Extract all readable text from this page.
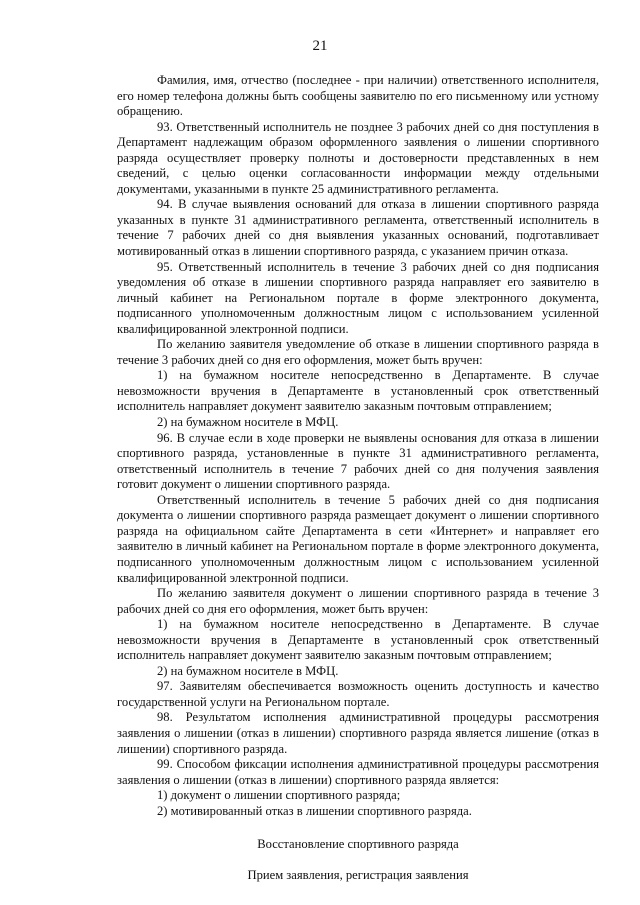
21

Фамилия, имя, отчество (последнее - при наличии) ответственного исполнителя, его номер телефона должны быть сообщены заявителю по его письменному или устному обращению.

93. Ответственный исполнитель не позднее 3 рабочих дней со дня поступления в Департамент надлежащим образом оформленного заявления о лишении спортивного разряда осуществляет проверку полноты и достоверности представленных в нем сведений, с целью оценки согласованности информации между отдельными документами, указанными в пункте 25 административного регламента.

94. В случае выявления оснований для отказа в лишении спортивного разряда указанных в пункте 31 административного регламента, ответственный исполнитель в течение 7 рабочих дней со дня выявления указанных оснований, подготавливает мотивированный отказ в лишении спортивного разряда, с указанием причин отказа.

95. Ответственный исполнитель в течение 3 рабочих дней со дня подписания уведомления об отказе в лишении спортивного разряда направляет его заявителю в личный кабинет на Региональном портале в форме электронного документа, подписанного уполномоченным должностным лицом с использованием усиленной квалифицированной электронной подписи.

По желанию заявителя уведомление об отказе в лишении спортивного разряда в течение 3 рабочих дней со дня его оформления, может быть вручен:

1) на бумажном носителе непосредственно в Департаменте. В случае невозможности вручения в Департаменте в установленный срок ответственный исполнитель направляет документ заявителю заказным почтовым отправлением;

2) на бумажном носителе в МФЦ.

96. В случае если в ходе проверки не выявлены основания для отказа в лишении спортивного разряда, установленные в пункте 31 административного регламента, ответственный исполнитель в течение 7 рабочих дней со дня получения заявления готовит документ о лишении спортивного разряда.

Ответственный исполнитель в течение 5 рабочих дней со дня подписания документа о лишении спортивного разряда размещает документ о лишении спортивного разряда на официальном сайте Департамента в сети «Интернет» и направляет его заявителю в личный кабинет на Региональном портале в форме электронного документа, подписанного уполномоченным должностным лицом с использованием усиленной квалифицированной электронной подписи.

По желанию заявителя документ о лишении спортивного разряда в течение 3 рабочих дней со дня его оформления, может быть вручен:

1) на бумажном носителе непосредственно в Департаменте. В случае невозможности вручения в Департаменте в установленный срок ответственный исполнитель направляет документ заявителю заказным почтовым отправлением;

2) на бумажном носителе в МФЦ.

97. Заявителям обеспечивается возможность оценить доступность и качество государственной услуги на Региональном портале.

98. Результатом исполнения административной процедуры рассмотрения заявления о лишении (отказ в лишении) спортивного разряда является лишение (отказ в лишении) спортивного разряда.

99. Способом фиксации исполнения административной процедуры рассмотрения заявления о лишении (отказ в лишении) спортивного разряда является:

1) документ о лишении спортивного разряда;

2) мотивированный отказ в лишении спортивного разряда.

Восстановление спортивного разряда

Прием заявления, регистрация заявления
